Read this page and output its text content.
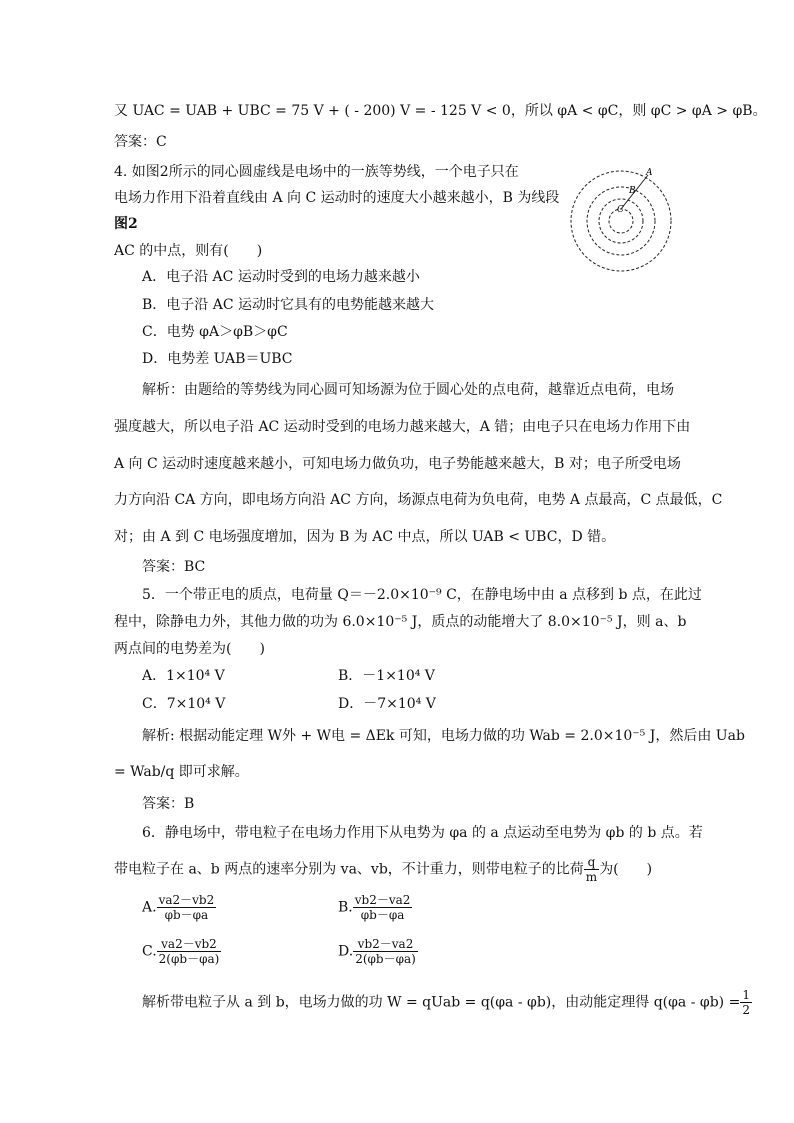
又 UAC = UAB + UBC = 75 V + ( - 200) V = - 125 V < 0，所以 φA < φC，则 φC > φA > φB。
答案：C
4. 如图2所示的同心圆虚线是电场中的一族等势线，一个电子只在
电场力作用下沿着直线由 A 向 C 运动时的速度大小越来越小，B 为线段
图2
AC 的中点，则有(　　)
A．电子沿 AC 运动时受到的电场力越来越小
B．电子沿 AC 运动时它具有的电势能越来越大
C．电势 φA＞φB＞φC
D．电势差 UAB＝UBC
A
B
C
解析：由题给的等势线为同心圆可知场源为位于圆心处的点电荷，越靠近点电荷，电场
强度越大，所以电子沿 AC 运动时受到的电场力越来越大，A 错；由电子只在电场力作用下由
A 向 C 运动时速度越来越小，可知电场力做负功，电子势能越来越大，B 对；电子所受电场
力方向沿 CA 方向，即电场方向沿 AC 方向，场源点电荷为负电荷，电势 A 点最高，C 点最低，C
对；由 A 到 C 电场强度增加，因为 B 为 AC 中点，所以 UAB < UBC，D 错。
答案：BC
5．一个带正电的质点，电荷量 Q＝－2.0×10⁻⁹ C，在静电场中由 a 点移到 b 点，在此过
程中，除静电力外，其他力做的功为 6.0×10⁻⁵ J，质点的动能增大了 8.0×10⁻⁵ J，则 a、b
两点间的电势差为(　　)
A．1×10⁴ V	B．－1×10⁴ V
C．7×10⁴ V	D．－7×10⁴ V
解析: 根据动能定理 W外 + W电 = ΔEk 可知，电场力做的功 Wab = 2.0×10⁻⁵ J，然后由 Uab
= Wab/q 即可求解。
答案：B
6．静电场中，带电粒子在电场力作用下从电势为 φa 的 a 点运动至电势为 φb 的 b 点。若
带电粒子在 a、b 两点的速率分别为 va、vb，不计重力，则带电粒子的比荷 $\frac{q}{m}$ 为(　　)
A. $\frac{va2-vb2}{\varphi b-\varphi a}$	B. $\frac{vb2-va2}{\varphi b-\varphi a}$
C. $\frac{va2-vb2}{2(\varphi b-\varphi a)}$	D. $\frac{vb2-va2}{2(\varphi b-\varphi a)}$
解析带电粒子从 a 到 b，电场力做的功 W = qUab = q(φa - φb)，由动能定理得 $q(\varphi a - \varphi b) = \frac{1}{2}$
